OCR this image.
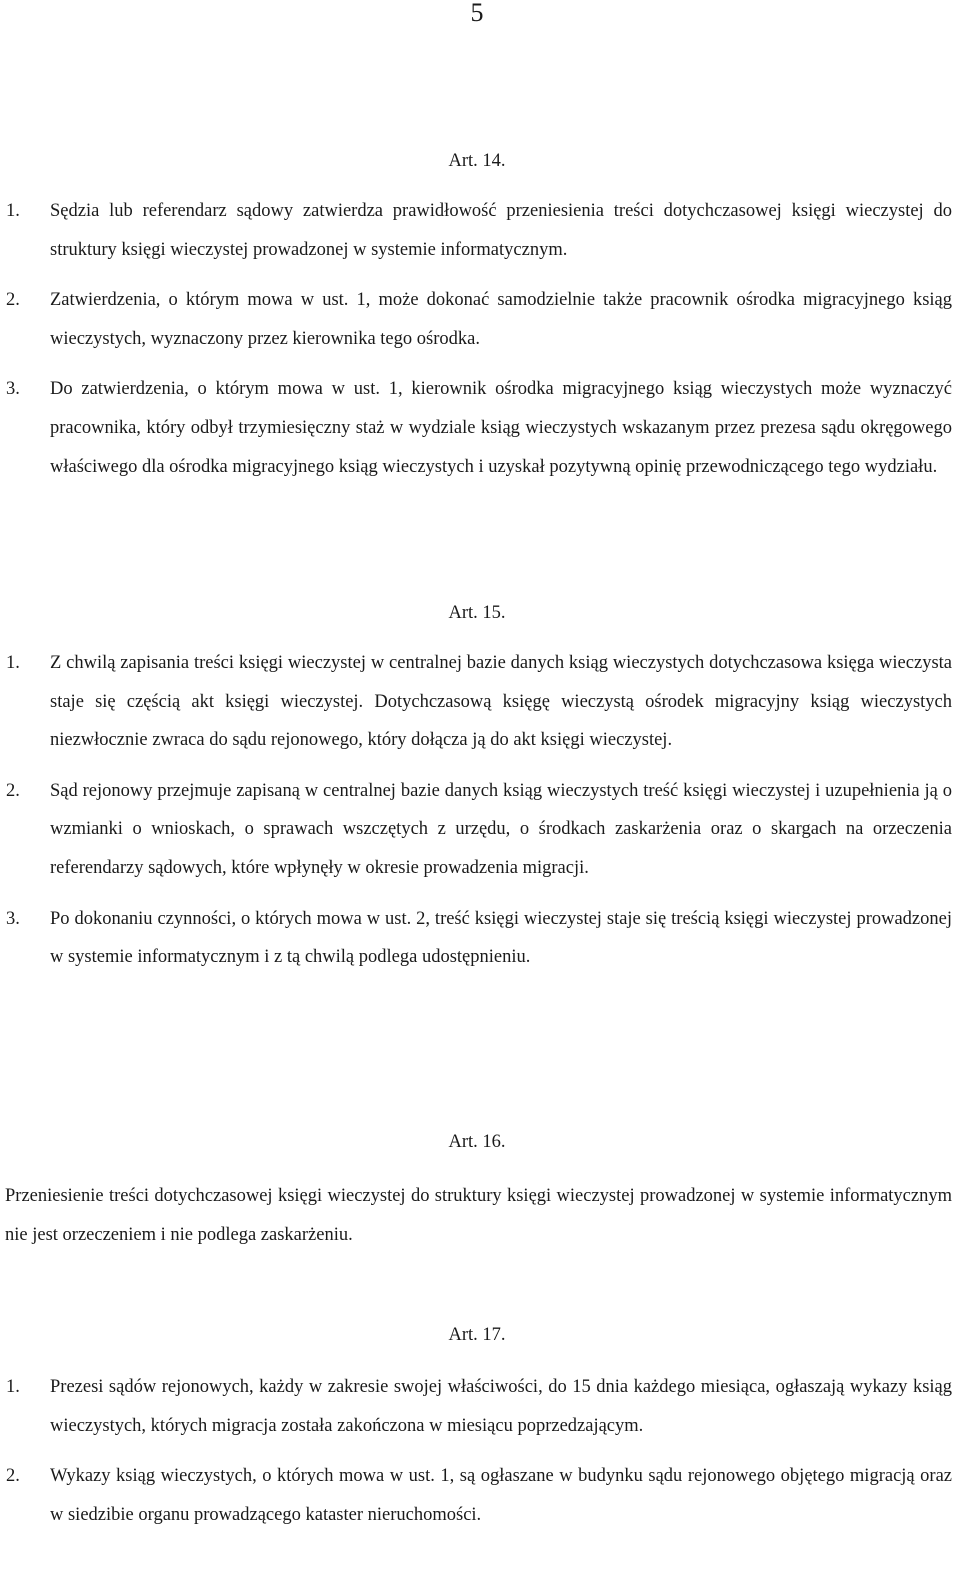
5
Art. 14.
1. Sędzia lub referendarz sądowy zatwierdza prawidłowość przeniesienia treści dotychczasowej księgi wieczystej do struktury księgi wieczystej prowadzonej w systemie informatycznym.
2. Zatwierdzenia, o którym mowa w ust. 1, może dokonać samodzielnie także pracownik ośrodka migracyjnego ksiąg wieczystych, wyznaczony przez kierownika tego ośrodka.
3. Do zatwierdzenia, o którym mowa w ust. 1, kierownik ośrodka migracyjnego ksiąg wieczystych może wyznaczyć pracownika, który odbył trzymiesięczny staż w wydziale ksiąg wieczystych wskazanym przez prezesa sądu okręgowego właściwego dla ośrodka migracyjnego ksiąg wieczystych i uzyskał pozytywną opinię przewodniczącego tego wydziału.
Art. 15.
1. Z chwilą zapisania treści księgi wieczystej w centralnej bazie danych ksiąg wieczystych dotychczasowa księga wieczysta staje się częścią akt księgi wieczystej. Dotychczasową księgę wieczystą ośrodek migracyjny ksiąg wieczystych niezwłocznie zwraca do sądu rejonowego, który dołącza ją do akt księgi wieczystej.
2. Sąd rejonowy przejmuje zapisaną w centralnej bazie danych ksiąg wieczystych treść księgi wieczystej i uzupełnienia ją o wzmianki o wnioskach, o sprawach wszczętych z urzędu, o środkach zaskarżenia oraz o skargach na orzeczenia referendarzy sądowych, które wpłynęły w okresie prowadzenia migracji.
3. Po dokonaniu czynności, o których mowa w ust. 2, treść księgi wieczystej staje się treścią księgi wieczystej prowadzonej w systemie informatycznym i z tą chwilą podlega udostępnieniu.
Art. 16.
Przeniesienie treści dotychczasowej księgi wieczystej do struktury księgi wieczystej prowadzonej w systemie informatycznym nie jest orzeczeniem i nie podlega zaskarżeniu.
Art. 17.
1. Prezesi sądów rejonowych, każdy w zakresie swojej właściwości, do 15 dnia każdego miesiąca, ogłaszają wykazy ksiąg wieczystych, których migracja została zakończona w miesiącu poprzedzającym.
2. Wykazy ksiąg wieczystych, o których mowa w ust. 1, są ogłaszane w budynku sądu rejonowego objętego migracją oraz w siedzibie organu prowadzącego kataster nieruchomości.
